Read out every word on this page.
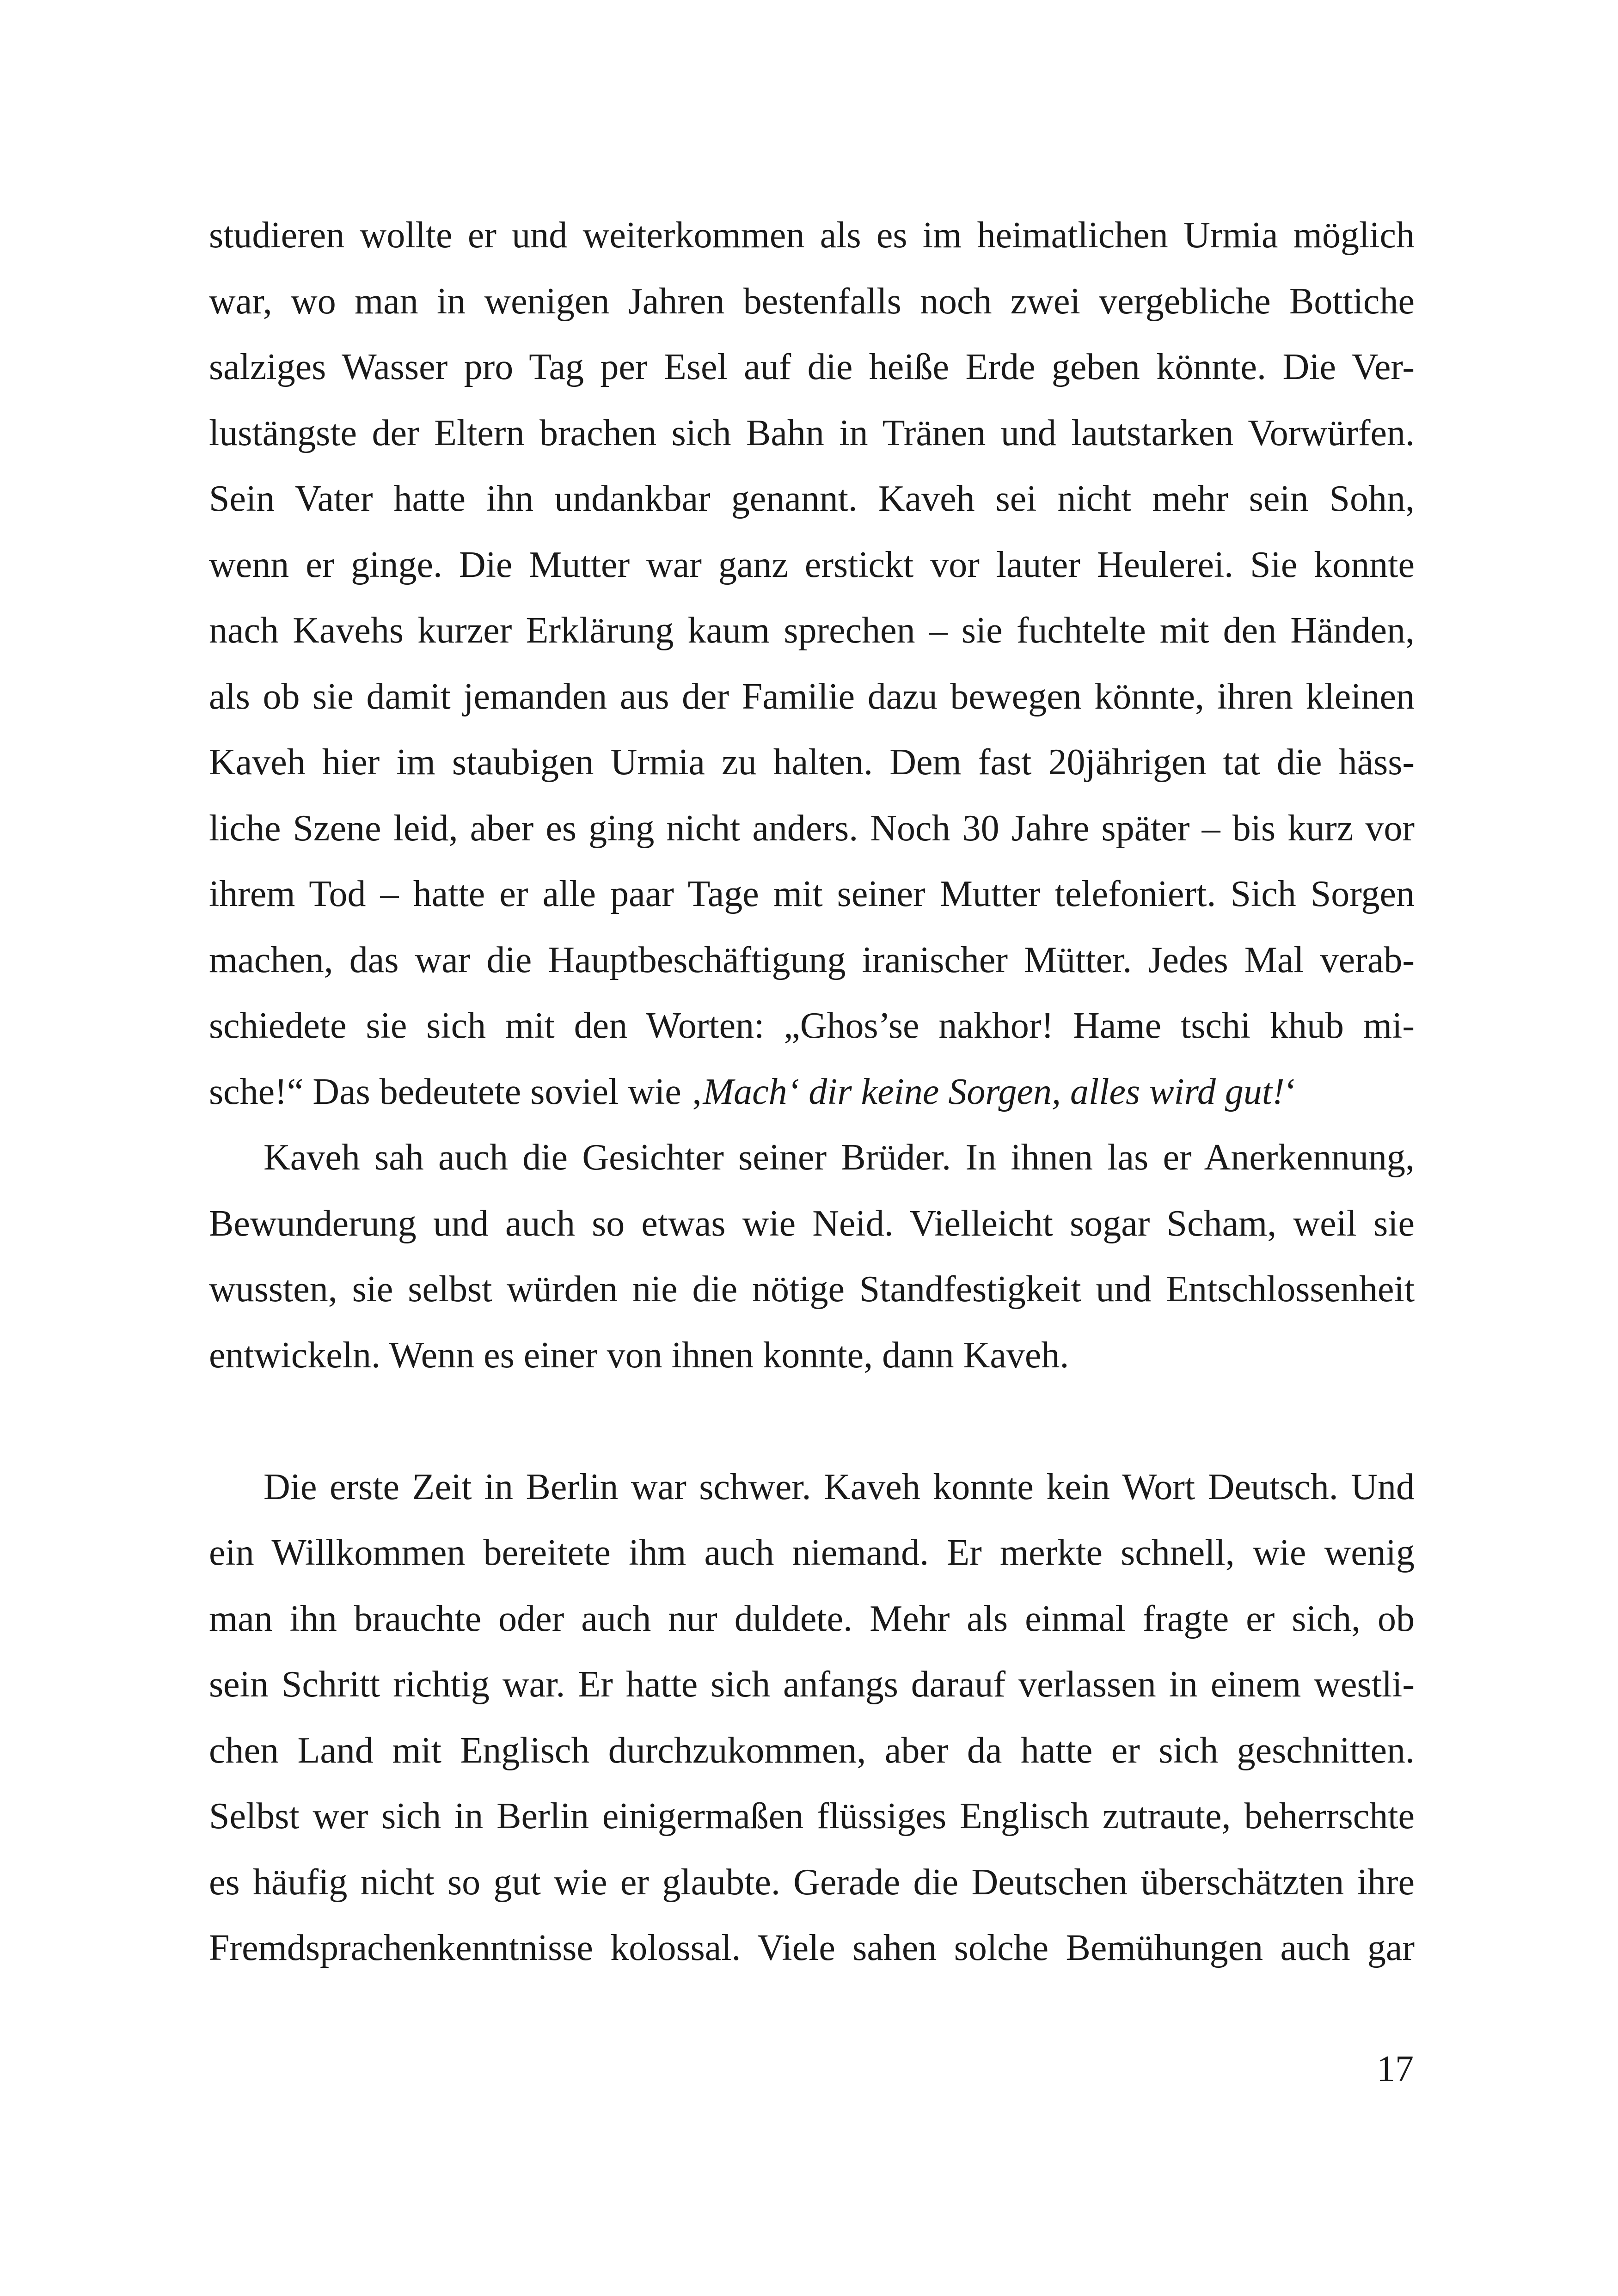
studieren wollte er und weiterkommen als es im heimatlichen Urmia möglich
war, wo man in wenigen Jahren bestenfalls noch zwei vergebliche Bottiche
salziges Wasser pro Tag per Esel auf die heiße Erde geben könnte. Die Ver-
lustängste der Eltern brachen sich Bahn in Tränen und lautstarken Vorwürfen.
Sein Vater hatte ihn undankbar genannt. Kaveh sei nicht mehr sein Sohn,
wenn er ginge. Die Mutter war ganz erstickt vor lauter Heulerei. Sie konnte
nach Kavehs kurzer Erklärung kaum sprechen – sie fuchtelte mit den Händen,
als ob sie damit jemanden aus der Familie dazu bewegen könnte, ihren kleinen
Kaveh hier im staubigen Urmia zu halten. Dem fast 20jährigen tat die häss-
liche Szene leid, aber es ging nicht anders. Noch 30 Jahre später – bis kurz vor
ihrem Tod – hatte er alle paar Tage mit seiner Mutter telefoniert. Sich Sorgen
machen, das war die Hauptbeschäftigung iranischer Mütter. Jedes Mal verab-
schiedete sie sich mit den Worten: „Ghos’se nakhor! Hame tschi khub mi-
sche!“ Das bedeutete soviel wie ‚Mach‘ dir keine Sorgen, alles wird gut!‘
Kaveh sah auch die Gesichter seiner Brüder. In ihnen las er Anerkennung,
Bewunderung und auch so etwas wie Neid. Vielleicht sogar Scham, weil sie
wussten, sie selbst würden nie die nötige Standfestigkeit und Entschlossenheit
entwickeln. Wenn es einer von ihnen konnte, dann Kaveh.
Die erste Zeit in Berlin war schwer. Kaveh konnte kein Wort Deutsch. Und
ein Willkommen bereitete ihm auch niemand. Er merkte schnell, wie wenig
man ihn brauchte oder auch nur duldete. Mehr als einmal fragte er sich, ob
sein Schritt richtig war. Er hatte sich anfangs darauf verlassen in einem westli-
chen Land mit Englisch durchzukommen, aber da hatte er sich geschnitten.
Selbst wer sich in Berlin einigermaßen flüssiges Englisch zutraute, beherrschte
es häufig nicht so gut wie er glaubte. Gerade die Deutschen überschätzten ihre
Fremdsprachenkenntnisse kolossal. Viele sahen solche Bemühungen auch gar
17
